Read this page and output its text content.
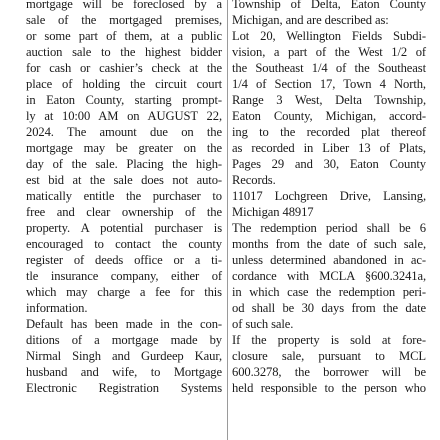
mortgage will be foreclosed by a

sale of the mortgaged premises,

or some part of them, at a public

auction sale to the highest bidder

for cash or cashier’s check at the

place of holding the circuit court

in Eaton County, starting prompt-

ly at 10:00 AM on AUGUST 22,

2024. The amount due on the

mortgage may be greater on the

day of the sale. Placing the high-

est bid at the sale does not auto-

matically entitle the purchaser to

free and clear ownership of the

property. A potential purchaser is

encouraged to contact the county

register of deeds office or a ti-

tle insurance company, either of

which may charge a fee for this

information.

Default has been made in the con-

ditions of a mortgage made by

Nirmal Singh and Gurdeep Kaur,

husband and wife, to Mortgage

Electronic Registration Systems

Township of Delta, Eaton County

Michigan, and are described as:

Lot 20, Wellington Fields Subdi-

vision, a part of the West 1/2 of

the Southeast 1/4 of the Southeast

1/4 of Section 17, Town 4 North,

Range 3 West, Delta Township,

Eaton County, Michigan, accord-

ing to the recorded plat thereof

as recorded in Liber 13 of Plats,

Pages 29 and 30, Eaton County

Records.

11017 Lochgreen Drive, Lansing,

Michigan 48917

The redemption period shall be 6

months from the date of such sale,

unless determined abandoned in ac-

cordance with MCLA §600.3241a,

in which case the redemption peri-

od shall be 30 days from the date

of such sale.

If the property is sold at fore-

closure sale, pursuant to MCL

600.3278, the borrower will be

held responsible to the person who
